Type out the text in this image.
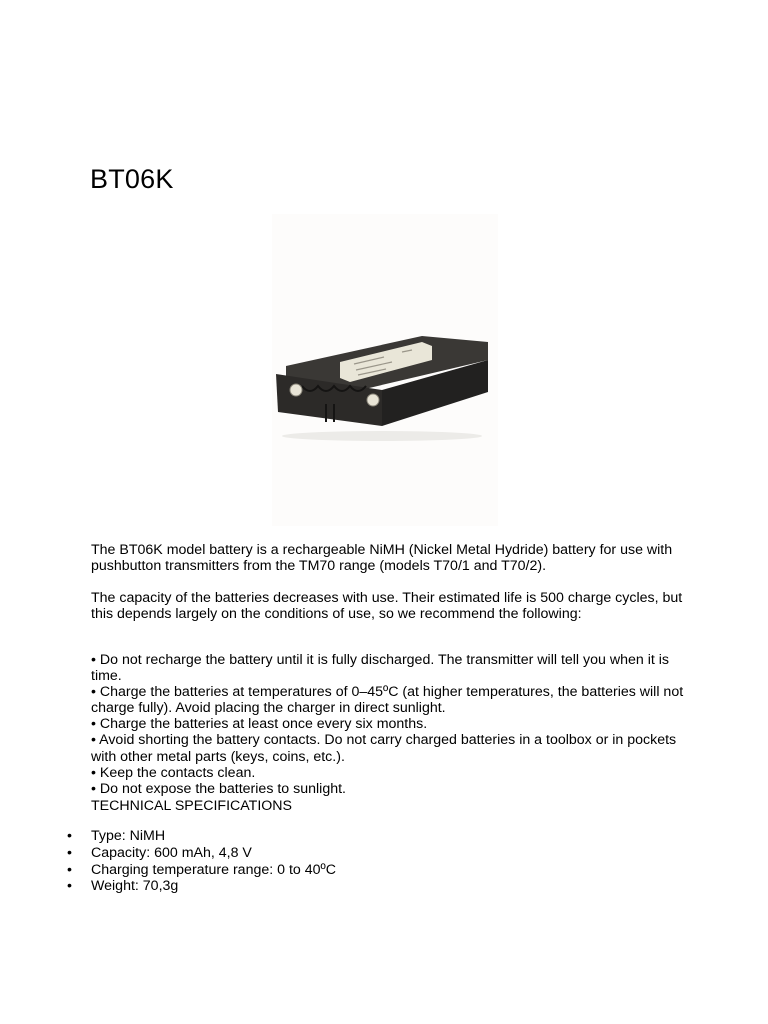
BT06K

The BT06K model battery is a rechargeable NiMH (Nickel Metal Hydride) battery for use with pushbutton transmitters from the TM70 range (models T70/1 and T70/2).

The capacity of the batteries decreases with use. Their estimated life is 500 charge cycles, but this depends largely on the conditions of use, so we recommend the following:

• Do not recharge the battery until it is fully discharged. The transmitter will tell you when it is time.
• Charge the batteries at temperatures of 0–45ºC (at higher temperatures, the batteries will not charge fully). Avoid placing the charger in direct sunlight.
• Charge the batteries at least once every six months.
• Avoid shorting the battery contacts. Do not carry charged batteries in a toolbox or in pockets with other metal parts (keys, coins, etc.).
• Keep the contacts clean.
• Do not expose the batteries to sunlight.

TECHNICAL SPECIFICATIONS

• Type: NiMH
• Capacity: 600 mAh, 4,8 V
• Charging temperature range: 0 to 40ºC
• Weight: 70,3g
